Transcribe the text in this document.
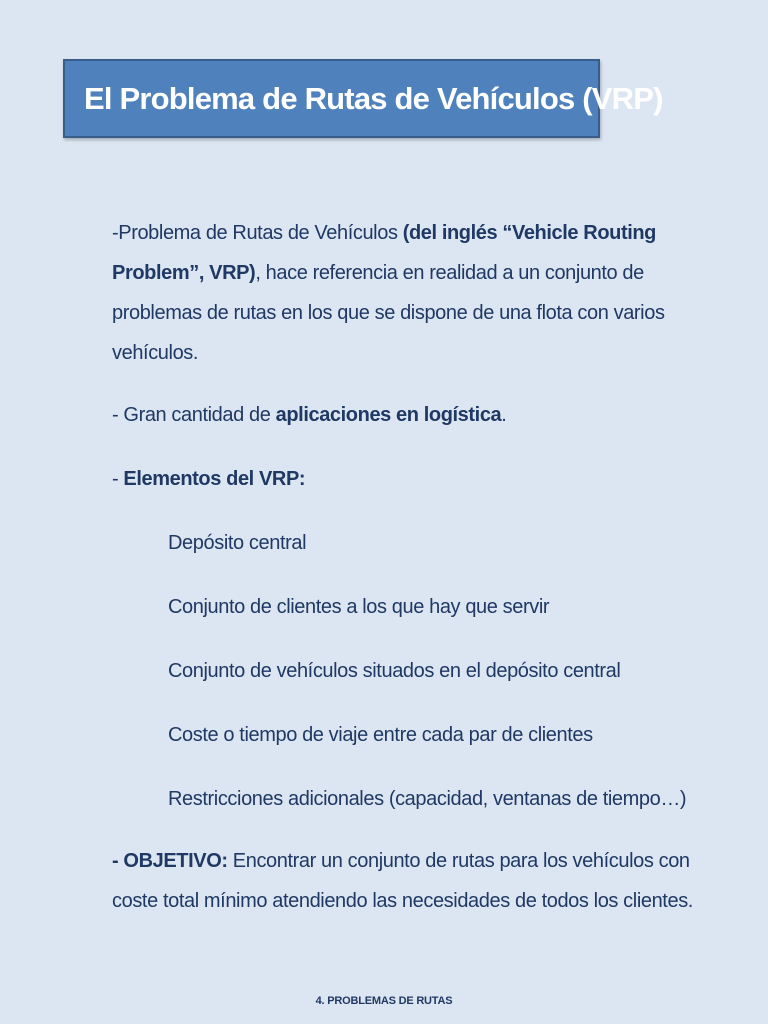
El Problema de Rutas de Vehículos (VRP)

-Problema de Rutas de Vehículos (del inglés “Vehicle Routing Problem”, VRP), hace referencia en realidad a un conjunto de problemas de rutas en los que se dispone de una flota con varios vehículos.

- Gran cantidad de aplicaciones en logística.

- Elementos del VRP:

Depósito central

Conjunto de clientes a los que hay que servir

Conjunto de vehículos situados en el depósito central

Coste o tiempo de viaje entre cada par de clientes

Restricciones adicionales (capacidad, ventanas de tiempo…)

- OBJETIVO: Encontrar un conjunto de rutas para los vehículos con coste total mínimo atendiendo las necesidades de todos los clientes.

4. PROBLEMAS DE RUTAS
